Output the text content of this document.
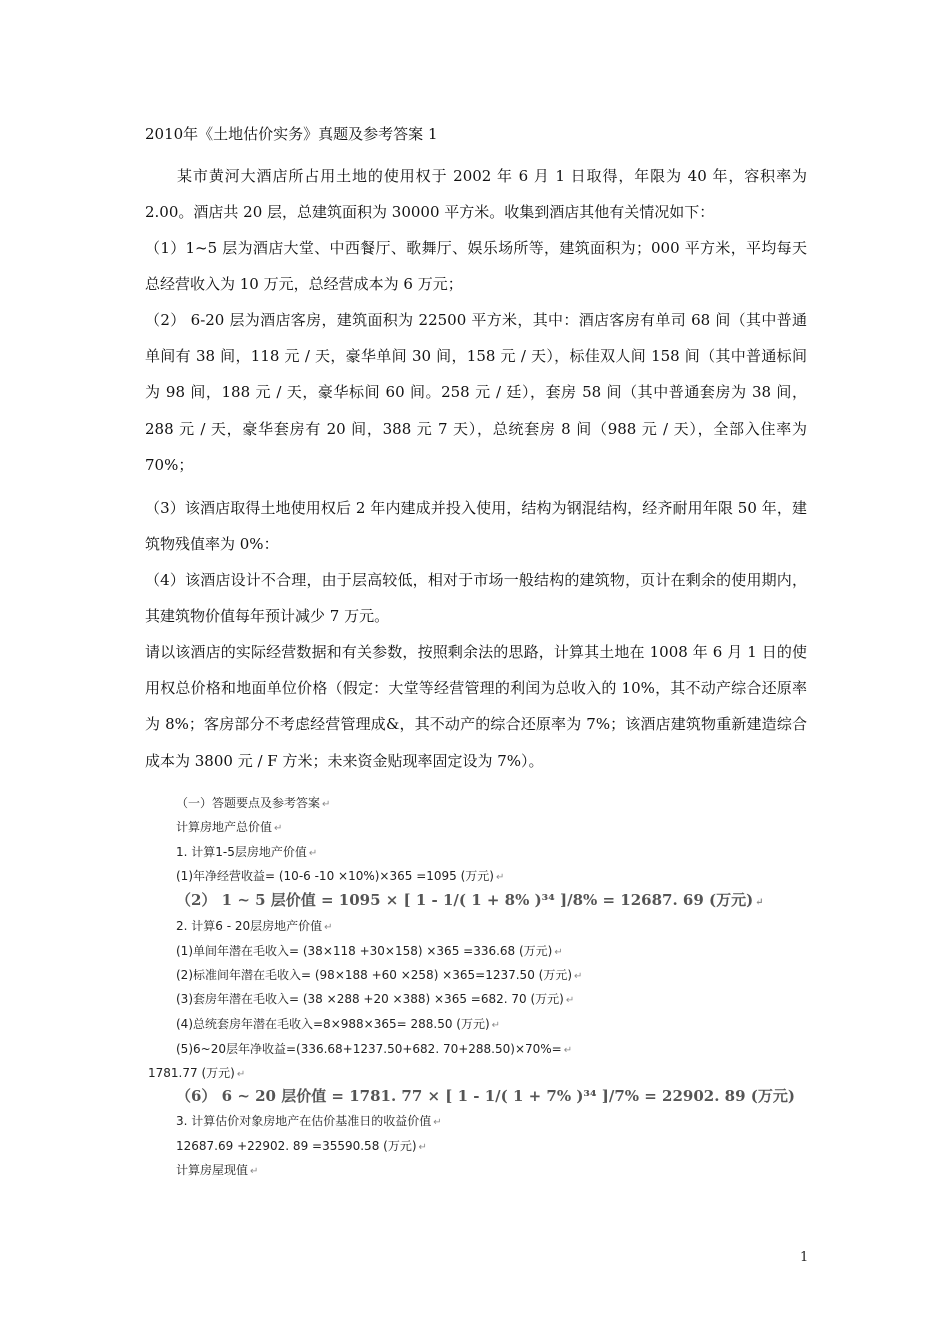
2010年《土地估价实务》真题及参考答案 1
某市黄河大酒店所占用土地的使用权于 2002 年 6 月 1 日取得，年限为 40 年，容积率为 2.00。酒店共 20 层，总建筑面积为 30000 平方米。收集到酒店其他有关情况如下：
（1）1~5 层为酒店大堂、中西餐厅、歌舞厅、娱乐场所等，建筑面积为；000 平方米，平均每天总经营收入为 10 万元，总经营成本为 6 万元；
（2） 6-20 层为酒店客房，建筑面积为 22500 平方米，其中：酒店客房有单司 68 间（其中普通单间有 38 间，118 元 / 天，豪华单间 30 间，158 元 / 天），标佳双人间 158 间（其中普通标间为 98 间，188 元 / 天，豪华标间 60 间。258 元 / 廷），套房 58 间（其中普通套房为 38 间，288 元 / 天，豪华套房有 20 间，388 元 7 天），总统套房 8 间（988 元 / 天），全部入住率为 70%；
（3）该酒店取得土地使用权后 2 年内建成并投入使用，结构为钢混结构，经齐耐用年限 50 年，建筑物残值率为 0%：
（4）该酒店设计不合理，由于层高较低，相对于市场一般结构的建筑物，页计在剩余的使用期内，其建筑物价值每年预计减少 7 万元。
请以该酒店的实际经营数据和有关参数，按照剩余法的思路，计算其土地在 1008 年 6 月 1 日的使用权总价格和地面单位价格（假定：大堂等经营管理的利闰为总收入的 10%，其不动产综合还原率为 8%；客房部分不考虑经营管理成&，其不动产的综合还原率为 7%；该酒店建筑物重新建造综合成本为 3800 元 / F 方米；未来资金贴现率固定设为 7%）。
（一）答题要点及参考答案 ↵
计算房地产总价值 ↵
1. 计算1-5层房地产价值 ↵
(1)年净经营收益= (10-6 -10 ×10%)×365 =1095 (万元) ↵
（2） 1 ~ 5 层价值 = 1095 × [ 1 - 1/( 1 + 8% )³⁴ ]/8% = 12687. 69 (万元) ↵
2. 计算6 - 20层房地产价值 ↵
(1)单间年潜在毛收入= (38×118 +30×158) ×365 =336.68 (万元) ↵
(2)标准间年潜在毛收入= (98×188 +60 ×258) ×365=1237.50 (万元) ↵
(3)套房年潜在毛收入= (38 ×288 +20 ×388) ×365 =682. 70 (万元) ↵
(4)总统套房年潜在毛收入=8×988×365= 288.50 (万元) ↵
(5)6~20层年净收益=(336.68+1237.50+682. 70+288.50)×70%= ↵
1781.77 (万元) ↵
（6） 6 ~ 20 层价值 = 1781. 77 × [ 1 - 1/( 1 + 7% )³⁴ ]/7% = 22902. 89 (万元)
3. 计算估价对象房地产在估价基准日的收益价值 ↵
12687.69 +22902. 89 =35590.58 (万元) ↵
计算房屋现值 ↵
1
